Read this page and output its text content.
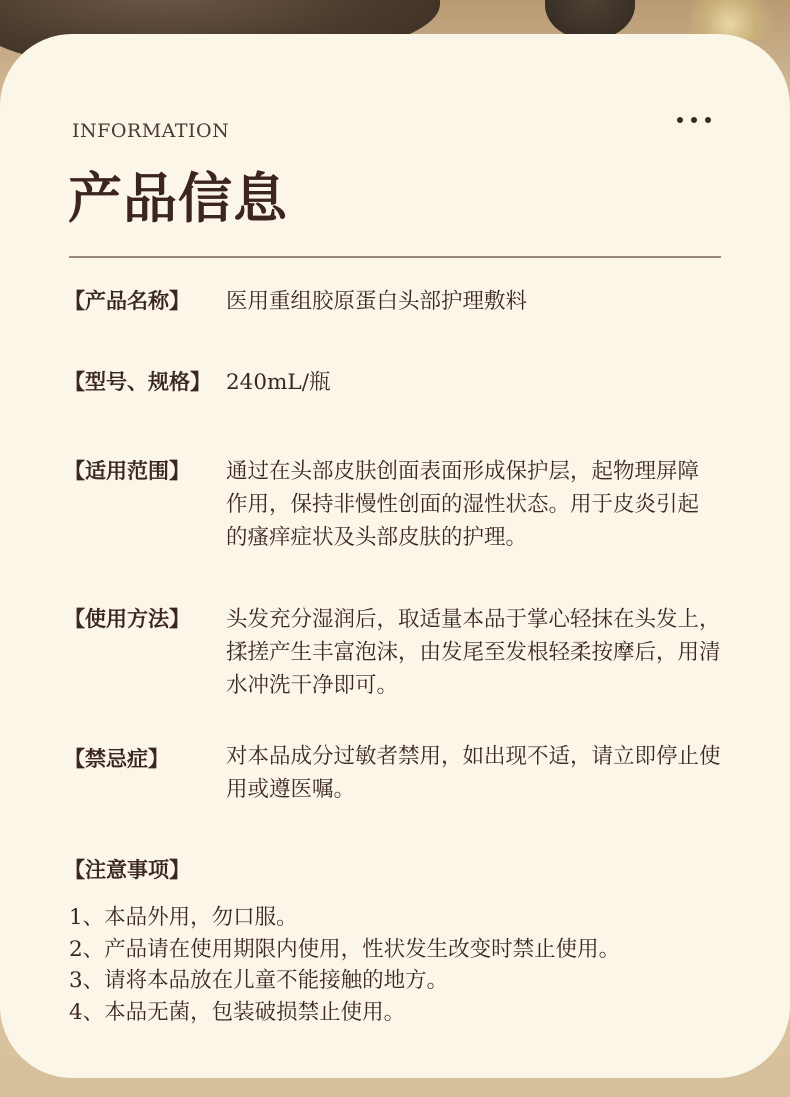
INFORMATION
产品信息
【产品名称】 医用重组胶原蛋白头部护理敷料
【型号、规格】 240mL/瓶
【适用范围】 通过在头部皮肤创面表面形成保护层，起物理屏障作用，保持非慢性创面的湿性状态。用于皮炎引起的瘙痒症状及头部皮肤的护理。
【使用方法】 头发充分湿润后，取适量本品于掌心轻抹在头发上，揉搓产生丰富泡沫，由发尾至发根轻柔按摩后，用清水冲洗干净即可。
【禁忌症】	对本品成分过敏者禁用，如出现不适，请立即停止使用或遵医嘱。
【注意事项】
1、本品外用，勿口服。
2、产品请在使用期限内使用，性状发生改变时禁止使用。
3、请将本品放在儿童不能接触的地方。
4、本品无菌，包装破损禁止使用。
